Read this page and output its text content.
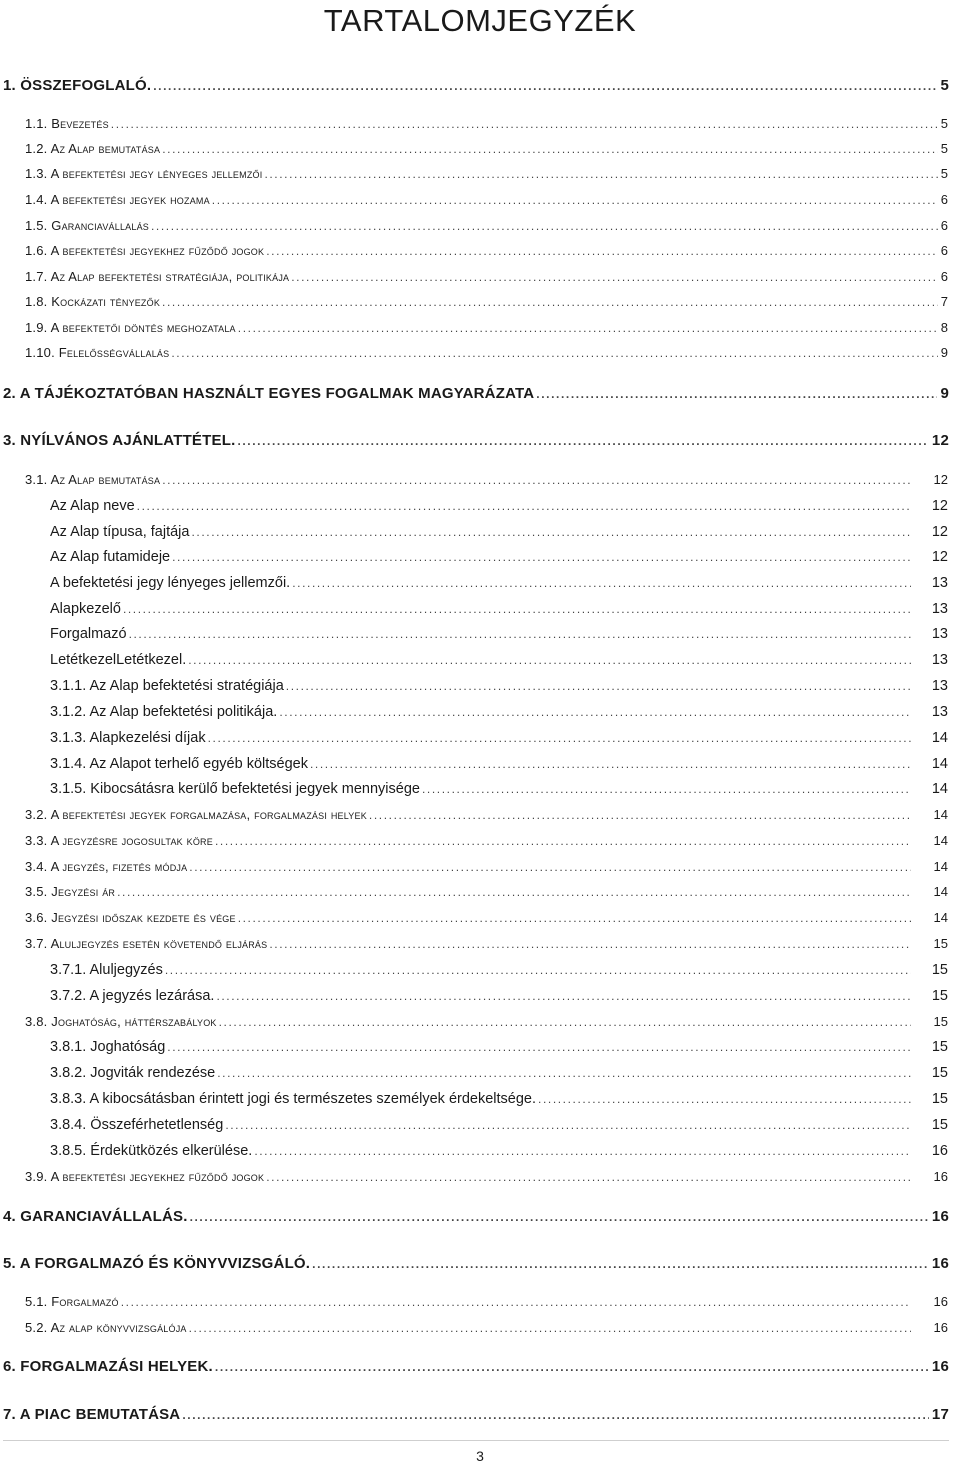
TARTALOMJEGYZÉK
1. ÖSSZEFOGLALÓ. .....	5
1.1. Bevezetés .....	5
1.2. Az Alap bemutatása .....	5
1.3. A befektetési jegy lényeges jellemzői .....	5
1.4. A befektetési jegyek hozama .....	6
1.5. Garanciavállalás .....	6
1.6. A befektetési jegyekhez fűződő jogok .....	6
1.7. Az Alap befektetési stratégiája, politikája .....	6
1.8. Kockázati tényezők .....	7
1.9. A befektetői döntés meghozatala .....	8
1.10. Felelősségvállalás .....	9
2. A TÁJÉKOZTATÓBAN HASZNÁLT EGYES FOGALMAK MAGYARÁZATA .....	9
3. NYÍLVÁNOS AJÁNLATTÉTEL. .....	12
3.1. Az Alap bemutatása .....	12
Az Alap neve .....	12
Az Alap típusa, fajtája .....	12
Az Alap futamideje .....	12
A befektetési jegy lényeges jellemzői. .....	13
Alapkezelő .....	13
Forgalmazó .....	13
LetétkezelLetétkezel. .....	13
3.1.1. Az Alap befektetési stratégiája .....	13
3.1.2. Az Alap befektetési politikája. .....	13
3.1.3. Alapkezelési díjak .....	14
3.1.4. Az Alapot terhelő egyéb költségek .....	14
3.1.5. Kibocsátásra kerülő befektetési jegyek mennyisége .....	14
3.2. A befektetési jegyek forgalmazása, forgalmazási helyek .....	14
3.3. A jegyzésre jogosultak köre .....	14
3.4. A jegyzés, fizetés módja .....	14
3.5. Jegyzési ár .....	14
3.6. Jegyzési időszak kezdete és vége .....	14
3.7. Aluljegyzés esetén követendő eljárás .....	15
3.7.1. Aluljegyzés .....	15
3.7.2. A jegyzés lezárása. .....	15
3.8. Joghatóság, háttérszabályok .....	15
3.8.1. Joghatóság .....	15
3.8.2. Jogviták rendezése .....	15
3.8.3. A kibocsátásban érintett jogi és természetes személyek érdekeltsége. .....	15
3.8.4. Összeférhetetlenség .....	15
3.8.5. Érdekütközés elkerülése. .....	16
3.9. A befektetési jegyekhez fűződő jogok .....	16
4. GARANCIAVÁLLALÁS. .....	16
5. A FORGALMAZÓ ÉS KÖNYVVIZSGÁLÓ. .....	16
5.1. Forgalmazó .....	16
5.2. Az alap könyvvizsgálója .....	16
6. FORGALMAZÁSI HELYEK. .....	16
7. A PIAC BEMUTATÁSA .....	17
3
